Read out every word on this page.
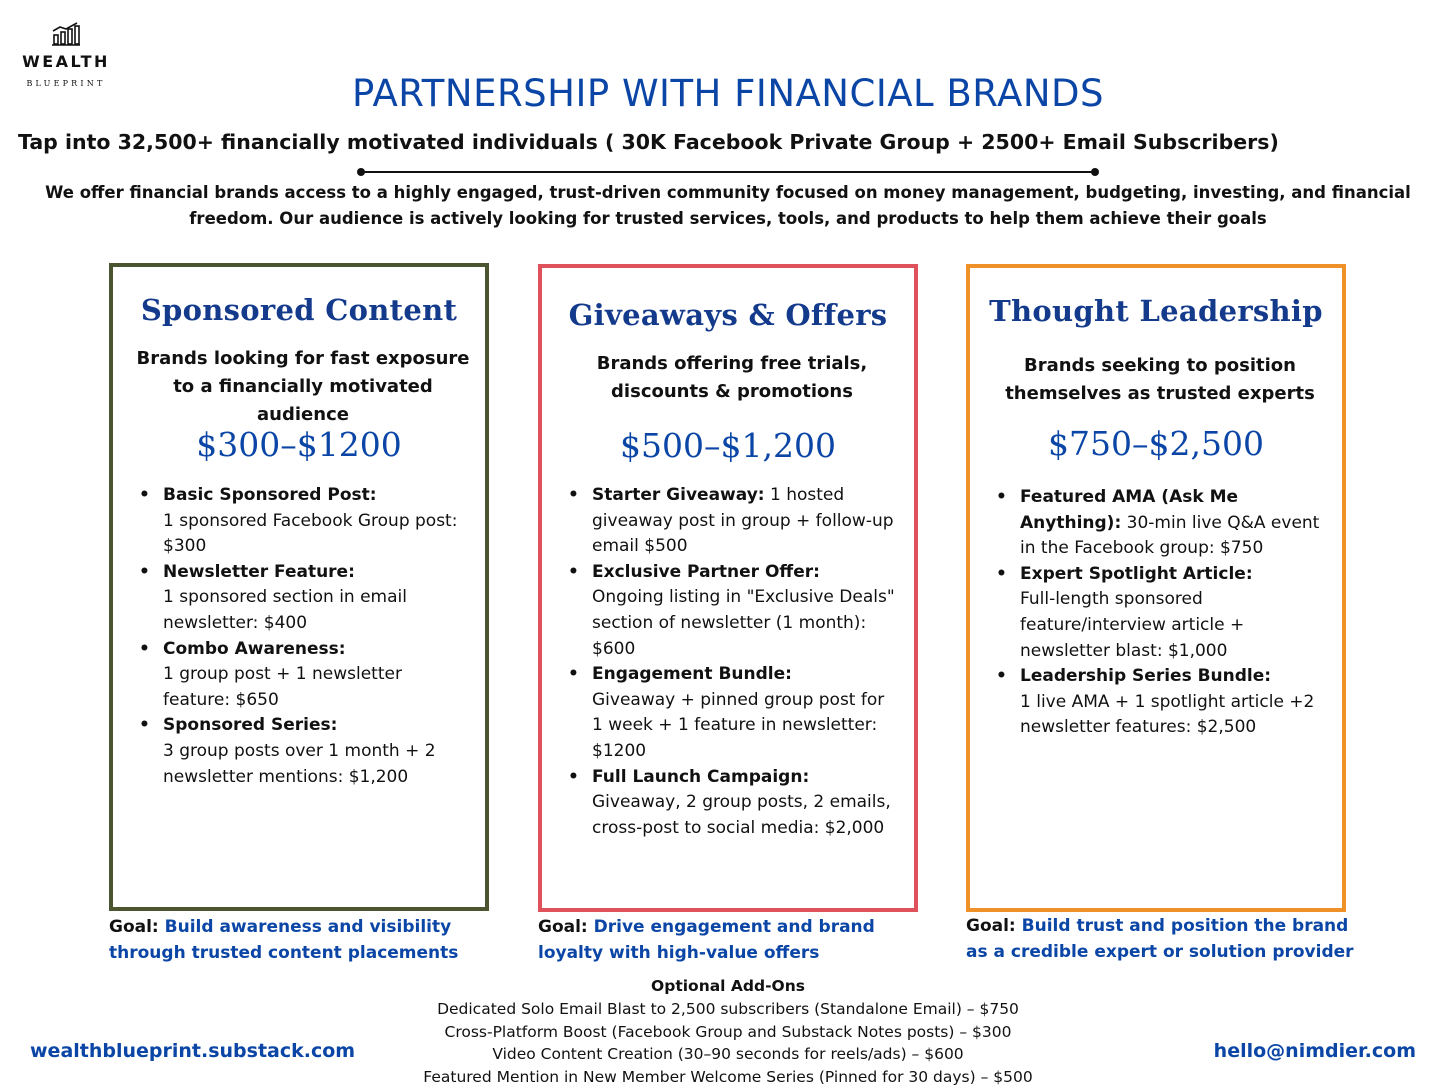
WEALTH
BLUEPRINT	PARTNERSHIP WITH FINANCIAL BRANDS
Tap into 32,500+ financially motivated individuals ( 30K Facebook Private Group + 2500+ Email Subscribers)
We offer financial brands access to a highly engaged, trust-driven community focused on money management, budgeting, investing, and financial freedom. Our audience is actively looking for trusted services, tools, and products to help them achieve their goals
Sponsored Content
Brands looking for fast exposure to a financially motivated audience
$300–$1200
• Basic Sponsored Post:
1 sponsored Facebook Group post: $300
• Newsletter Feature:
1 sponsored section in email newsletter: $400
• Combo Awareness:
1 group post + 1 newsletter feature: $650
• Sponsored Series:
3 group posts over 1 month + 2 newsletter mentions: $1,200
Goal: Build awareness and visibility through trusted content placements
Giveaways & Offers
Brands offering free trials, discounts & promotions
$500–$1,200
• Starter Giveaway: 1 hosted giveaway post in group + follow-up email $500
• Exclusive Partner Offer:
Ongoing listing in "Exclusive Deals" section of newsletter (1 month): $600
• Engagement Bundle:
Giveaway + pinned group post for 1 week + 1 feature in newsletter: $1200
• Full Launch Campaign:
Giveaway, 2 group posts, 2 emails, cross-post to social media: $2,000
Goal: Drive engagement and brand loyalty with high-value offers
Thought Leadership
Brands seeking to position themselves as trusted experts
$750–$2,500
• Featured AMA (Ask Me Anything): 30-min live Q&A event in the Facebook group: $750
• Expert Spotlight Article:
Full-length sponsored feature/interview article + newsletter blast: $1,000
• Leadership Series Bundle:
1 live AMA + 1 spotlight article +2 newsletter features: $2,500
Goal: Build trust and position the brand as a credible expert or solution provider
Optional Add-Ons
Dedicated Solo Email Blast to 2,500 subscribers (Standalone Email) – $750
Cross-Platform Boost (Facebook Group and Substack Notes posts) – $300
Video Content Creation (30–90 seconds for reels/ads) – $600
Featured Mention in New Member Welcome Series (Pinned for 30 days) – $500
wealthblueprint.substack.com	hello@nimdier.com
